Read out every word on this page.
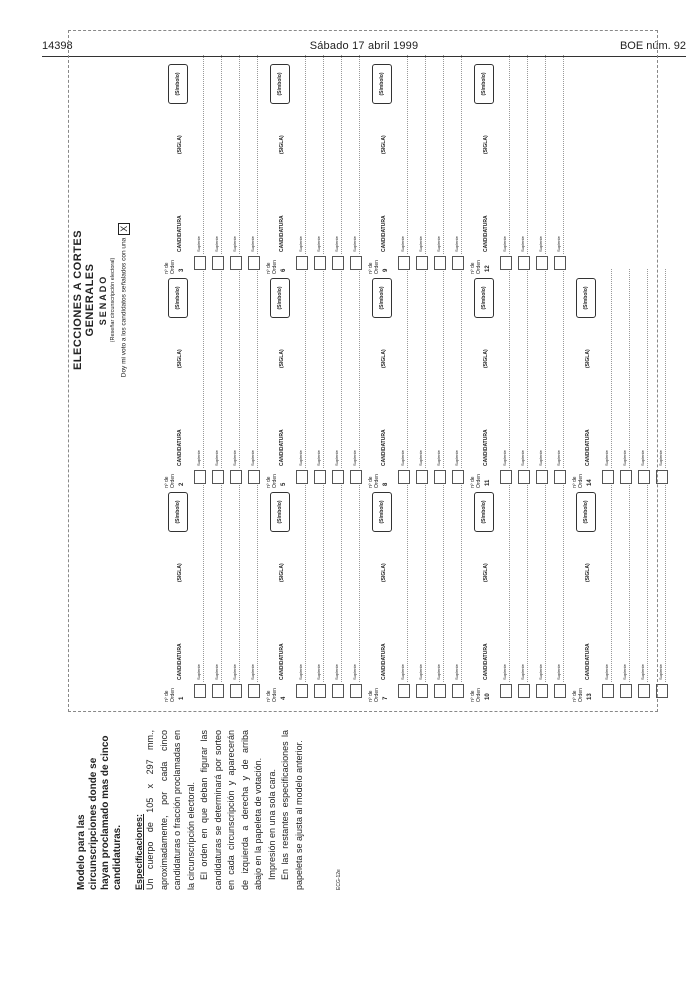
14398	Sábado 17 abril 1999	BOE núm. 92
Modelo para las circunscripciones donde se hayan proclamado mas de cinco candidaturas. Especificaciones: Un cuerpo de 105 x 297 mm., aproximadamente, por cada cinco candidaturas o fracción proclamadas en la circunscripción electoral. El orden en que deban figurar las candidaturas se determinará por sorteo en cada circunscripción y aparecerán de izquierda a derecha y de arriba abajo en la papeleta de votación. Impresión en una sola cara. En las restantes especificaciones la papeleta se ajusta al modelo anterior.	ECG-12e
ELECCIONES A CORTES GENERALES SENADO (Reseñar circunscripción electoral) Doy mi voto a los candidatos señalados con unaX
nº de Orden 1
CANDIDATURA
(SIGLA)
(Símbolo)
Suplente	Suplente	Suplente	Suplente
nº de Orden 4
CANDIDATURA
(SIGLA)
(Símbolo)
Suplente	Suplente	Suplente	Suplente
nº de Orden 7
CANDIDATURA
(SIGLA)
(Símbolo)
Suplente	Suplente	Suplente	Suplente
nº de Orden 10
CANDIDATURA
(SIGLA)
(Símbolo)
Suplente	Suplente	Suplente	Suplente
nº de Orden 13
CANDIDATURA
(SIGLA)
(Símbolo)
Suplente	Suplente	Suplente	Suplente
nº de Orden 2
CANDIDATURA
(SIGLA)
(Símbolo)
Suplente	Suplente	Suplente	Suplente
nº de Orden 5
CANDIDATURA
(SIGLA)
(Símbolo)
Suplente	Suplente	Suplente	Suplente
nº de Orden 8
CANDIDATURA
(SIGLA)
(Símbolo)
Suplente	Suplente	Suplente	Suplente
nº de Orden 11
CANDIDATURA
(SIGLA)
(Símbolo)
Suplente	Suplente	Suplente	Suplente
nº de Orden 14
CANDIDATURA
(SIGLA)
(Símbolo)
Suplente	Suplente	Suplente	Suplente
nº de Orden 3
CANDIDATURA
(SIGLA)
(Símbolo)
Suplente	Suplente	Suplente	Suplente
nº de Orden 6
CANDIDATURA
(SIGLA)
(Símbolo)
Suplente	Suplente	Suplente	Suplente
nº de Orden 9
CANDIDATURA
(SIGLA)
(Símbolo)
Suplente	Suplente	Suplente	Suplente
nº de Orden 12
CANDIDATURA
(SIGLA)
(Símbolo)
Suplente	Suplente	Suplente	Suplente
